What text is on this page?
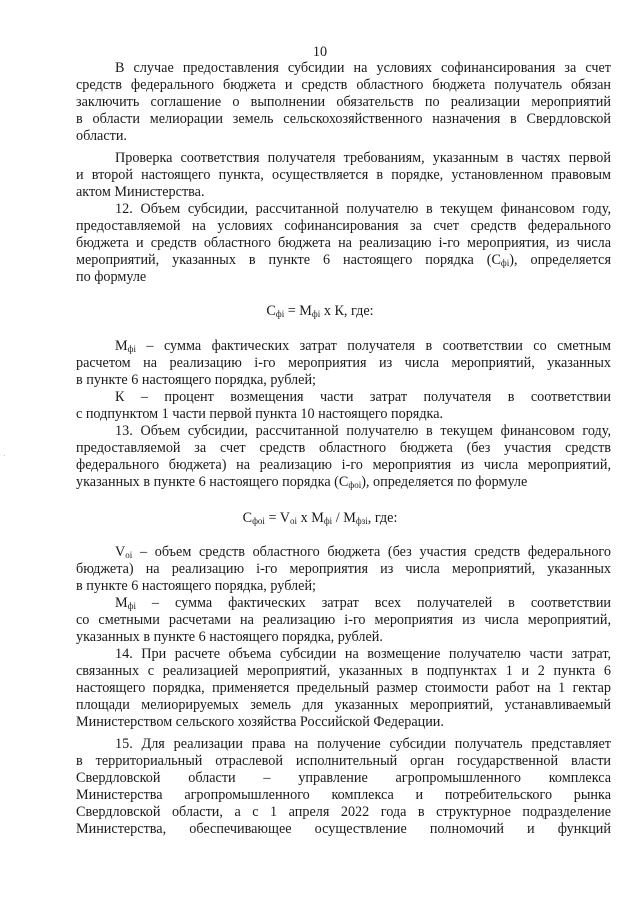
10
В случае предоставления субсидии на условиях софинансирования за счет
средств федерального бюджета и средств областного бюджета получатель обязан
заключить соглашение о выполнении обязательств по реализации мероприятий
в области мелиорации земель сельскохозяйственного назначения в Свердловской
области.
Проверка соответствия получателя требованиям, указанным в частях первой
и второй настоящего пункта, осуществляется в порядке, установленном правовым
актом Министерства.
12. Объем субсидии, рассчитанной получателю в текущем финансовом году,
предоставляемой на условиях софинансирования за счет средств федерального
бюджета и средств областного бюджета на реализацию i-го мероприятия, из числа
мероприятий, указанных в пункте 6 настоящего порядка $(С_{фi})$, определяется
по формуле
$М_{фi}$ – сумма фактических затрат получателя в соответствии со сметным
расчетом на реализацию i-го мероприятия из числа мероприятий, указанных
в пункте 6 настоящего порядка, рублей;
К – процент возмещения части затрат получателя в соответствии
с подпунктом 1 части первой пункта 10 настоящего порядка.
13. Объем субсидии, рассчитанной получателю в текущем финансовом году,
предоставляемой за счет средств областного бюджета (без участия средств
федерального бюджета) на реализацию i-го мероприятия из числа мероприятий,
указанных в пункте 6 настоящего порядка $(С_{фоi})$, определяется по формуле
$V_{оi}$ – объем средств областного бюджета (без участия средств федерального
бюджета) на реализацию i-го мероприятия из числа мероприятий, указанных
в пункте 6 настоящего порядка, рублей;
$М_{фi}$ – сумма фактических затрат всех получателей в соответствии
со сметными расчетами на реализацию i-го мероприятия из числа мероприятий,
указанных в пункте 6 настоящего порядка, рублей.
14. При расчете объема субсидии на возмещение получателю части затрат,
связанных с реализацией мероприятий, указанных в подпунктах 1 и 2 пункта 6
настоящего порядка, применяется предельный размер стоимости работ на 1 гектар
площади мелиорируемых земель для указанных мероприятий, устанавливаемый
Министерством сельского хозяйства Российской Федерации.
15. Для реализации права на получение субсидии получатель представляет
в территориальный отраслевой исполнительный орган государственной власти
Свердловской области – управление агропромышленного комплекса
Министерства агропромышленного комплекса и потребительского рынка
Свердловской области, а с 1 апреля 2022 года в структурное подразделение
Министерства, обеспечивающее осуществление полномочий и функций
$С_{фi} = М_{фi}$ х К, где:
$С_{фоi} = V_{оi}$ х $М_{фi} / М_{фзi}$, где:
